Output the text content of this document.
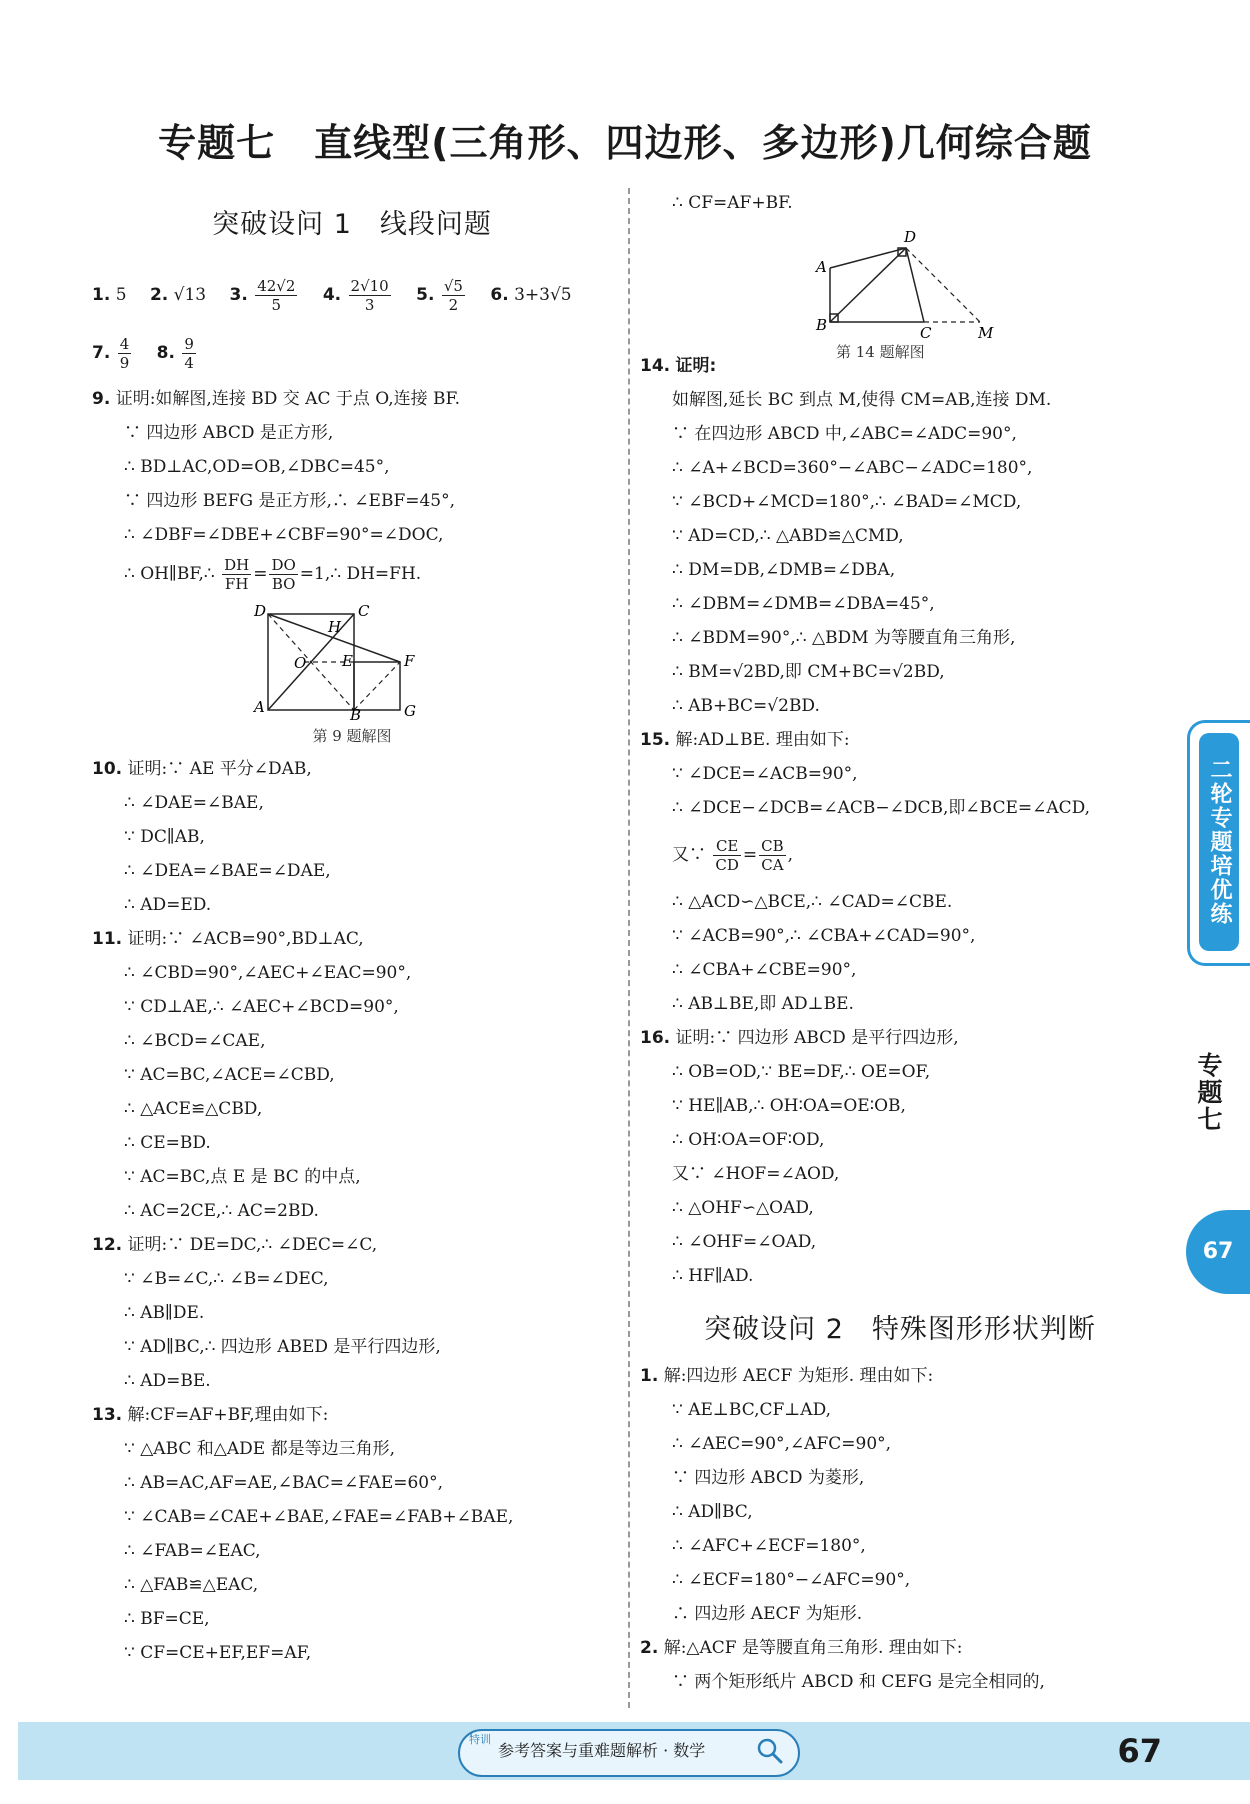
专题七　直线型(三角形、四边形、多边形)几何综合题
突破设问 1　线段问题
1. 5 2. √13 3. $\frac{42√2}{5} 4$. $\frac{2√10}{3} 5$. $\frac{√5}{2} 6$. 3+3√5
7. $\frac{4}{9} 8$. $\frac{9}{4}$
9. 证明:如解图,连接 BD 交 AC 于点 O,连接 BF.
∵ 四边形 ABCD 是正方形,
∴ BD⊥AC,OD=OB,∠DBC=45°,
∵ 四边形 BEFG 是正方形,∴ ∠EBF=45°,
∴ ∠DBF=∠DBE+∠CBF=90°=∠DOC,
∴ OH∥BF,∴ $\frac{DH}{FH} = \frac{DO}{BO}$ =1,∴ DH=FH.
D	C
H
O E	F
A	B	G
第 9 题解图
10. 证明:∵ AE 平分∠DAB,
∴ ∠DAE=∠BAE,
∵ DC∥AB,
∴ ∠DEA=∠BAE=∠DAE,
∴ AD=ED.
11. 证明:∵ ∠ACB=90°,BD⊥AC,
∴ ∠CBD=90°,∠AEC+∠EAC=90°,
∵ CD⊥AE,∴ ∠AEC+∠BCD=90°,
∴ ∠BCD=∠CAE,
∵ AC=BC,∠ACE=∠CBD,
∴ △ACE≌△CBD,
∴ CE=BD.
∵ AC=BC,点 E 是 BC 的中点,
∴ AC=2CE,∴ AC=2BD.
12. 证明:∵ DE=DC,∴ ∠DEC=∠C,
∵ ∠B=∠C,∴ ∠B=∠DEC,
∴ AB∥DE.
∵ AD∥BC,∴ 四边形 ABED 是平行四边形,
∴ AD=BE.
13. 解:CF=AF+BF,理由如下:
∵ △ABC 和△ADE 都是等边三角形,
∴ AB=AC,AF=AE,∠BAC=∠FAE=60°,
∵ ∠CAB=∠CAE+∠BAE,∠FAE=∠FAB+∠BAE,
∴ ∠FAB=∠EAC,
∴ △FAB≌△EAC,
∴ BF=CE,
∵ CF=CE+EF,EF=AF,
∴ CF=AF+BF.
D
A
B	C	M
14. 证明:
第 14 题解图
如解图,延长 BC 到点 M,使得 CM=AB,连接 DM.
∵ 在四边形 ABCD 中,∠ABC=∠ADC=90°,
∴ ∠A+∠BCD=360°−∠ABC−∠ADC=180°,
∵ ∠BCD+∠MCD=180°,∴ ∠BAD=∠MCD,
∵ AD=CD,∴ △ABD≌△CMD,
∴ DM=DB,∠DMB=∠DBA,
∴ ∠DBM=∠DMB=∠DBA=45°,
∴ ∠BDM=90°,∴ △BDM 为等腰直角三角形,
∴ BM=√2BD,即 CM+BC=√2BD,
∴ AB+BC=√2BD.
15. 解:AD⊥BE. 理由如下:
∵ ∠DCE=∠ACB=90°,
∴ ∠DCE−∠DCB=∠ACB−∠DCB,即∠BCE=∠ACD,
又∵ $\frac{CE}{CD} = \frac{CB}{CA}$ ,
∴ △ACD∽△BCE,∴ ∠CAD=∠CBE.
∵ ∠ACB=90°,∴ ∠CBA+∠CAD=90°,
∴ ∠CBA+∠CBE=90°,
∴ AB⊥BE,即 AD⊥BE.
16. 证明:∵ 四边形 ABCD 是平行四边形,
∴ OB=OD,∵ BE=DF,∴ OE=OF,
∵ HE∥AB,∴ OH∶OA=OE∶OB,
∴ OH∶OA=OF∶OD,
又∵ ∠HOF=∠AOD,
∴ △OHF∽△OAD,
∴ ∠OHF=∠OAD,
∴ HF∥AD.
突破设问 2　特殊图形形状判断
1. 解:四边形 AECF 为矩形. 理由如下:
∵ AE⊥BC,CF⊥AD,
∴ ∠AEC=90°,∠AFC=90°,
∵ 四边形 ABCD 为菱形,
∴ AD∥BC,
∴ ∠AFC+∠ECF=180°,
∴ ∠ECF=180°−∠AFC=90°,
∴ 四边形 AECF 为矩形.
2. 解:△ACF 是等腰直角三角形. 理由如下:
∵ 两个矩形纸片 ABCD 和 CEFG 是完全相同的,
二轮专题培优练
专题七
67
特训
参考答案与重难题解析 · 数学	67
